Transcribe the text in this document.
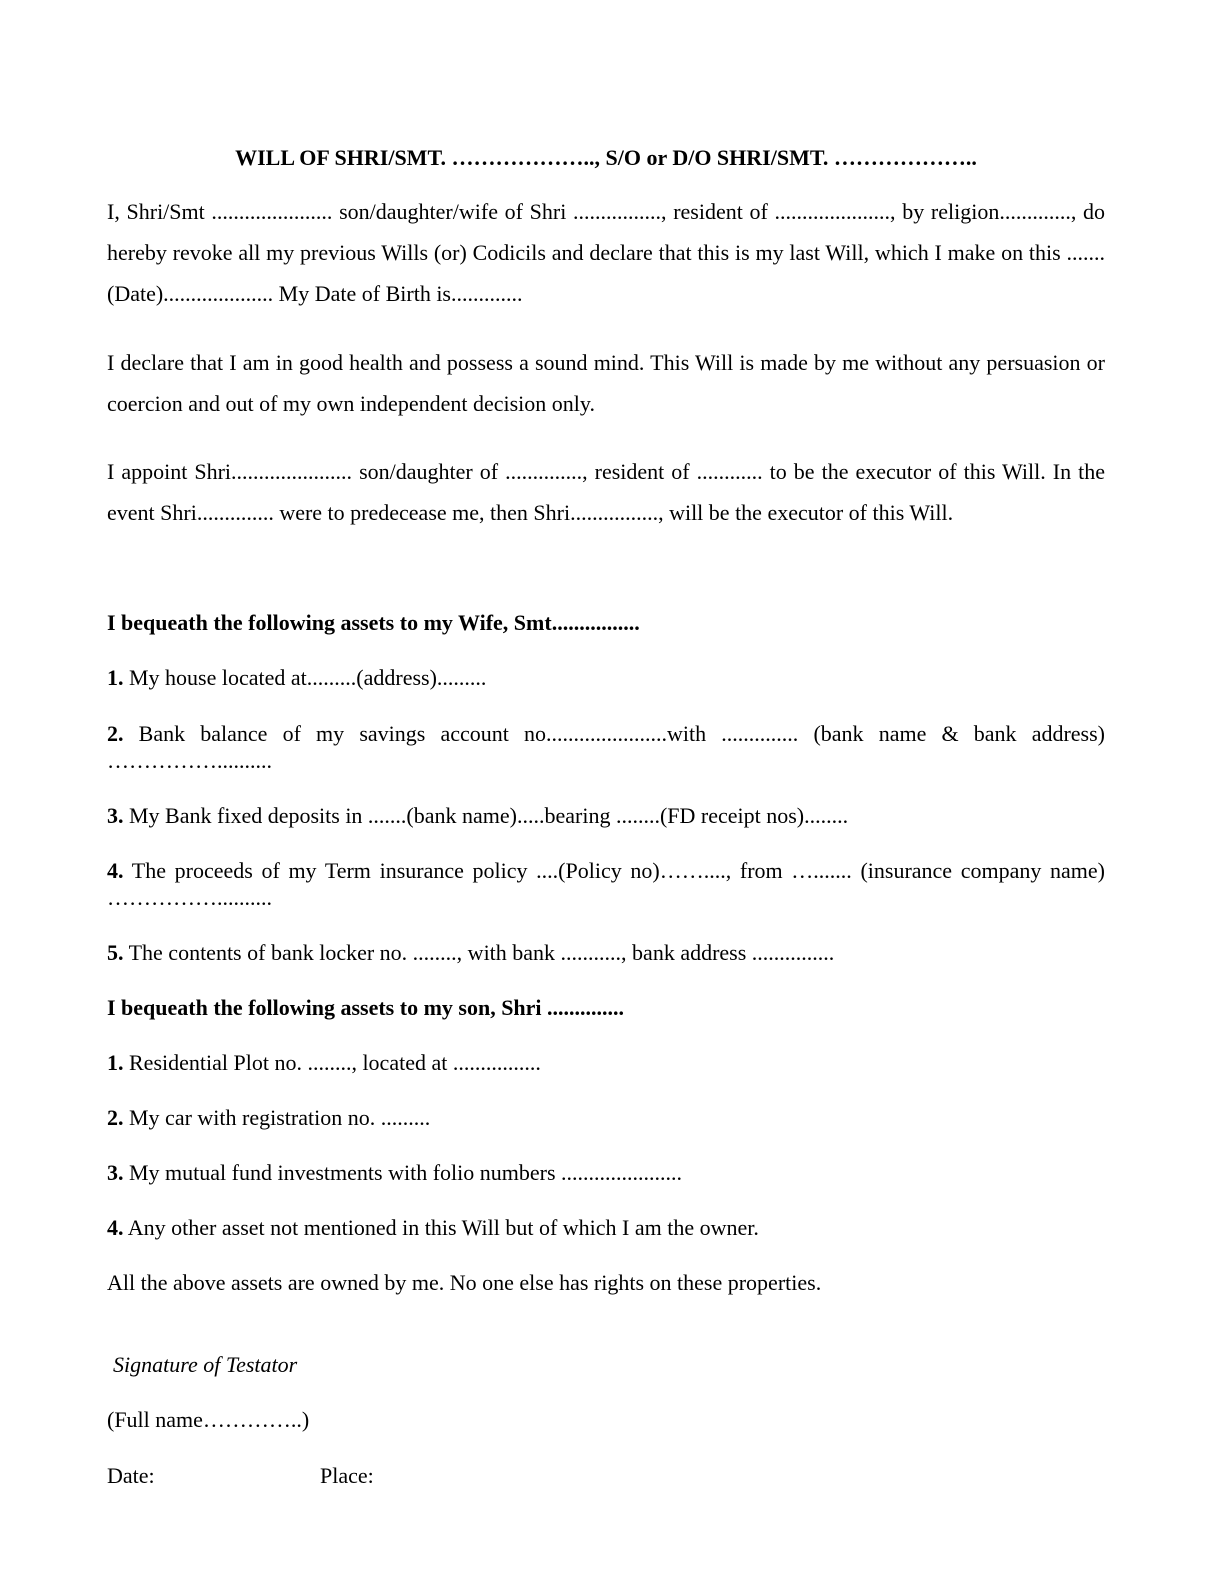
WILL OF SHRI/SMT. ……………….., S/O or D/O SHRI/SMT. ………………..

I, Shri/Smt ...................... son/daughter/wife of Shri ................, resident of ....................., by religion............., do hereby revoke all my previous Wills (or) Codicils and declare that this is my last Will, which I make on this .......(Date).................... My Date of Birth is.............

I declare that I am in good health and possess a sound mind. This Will is made by me without any persuasion or coercion and out of my own independent decision only.

I appoint Shri...................... son/daughter of .............., resident of ............ to be the executor of this Will. In the event Shri.............. were to predecease me, then Shri................, will be the executor of this Will.

I bequeath the following assets to my Wife, Smt................

1. My house located at.........(address).........

2. Bank balance of my savings account no......................with .............. (bank name & bank address) ……………..........

3. My Bank fixed deposits in .......(bank name).....bearing ........(FD receipt nos)........

4. The proceeds of my Term insurance policy ....(Policy no)……...., from …....... (insurance company name) ……………..........

5. The contents of bank locker no. ........, with bank ..........., bank address ...............

I bequeath the following assets to my son, Shri ..............

1. Residential Plot no. ........, located at ................

2. My car with registration no. .........

3. My mutual fund investments with folio numbers ......................

4. Any other asset not mentioned in this Will but of which I am the owner.

All the above assets are owned by me. No one else has rights on these properties.

Signature of Testator

(Full name…………..)

Date:	Place:
